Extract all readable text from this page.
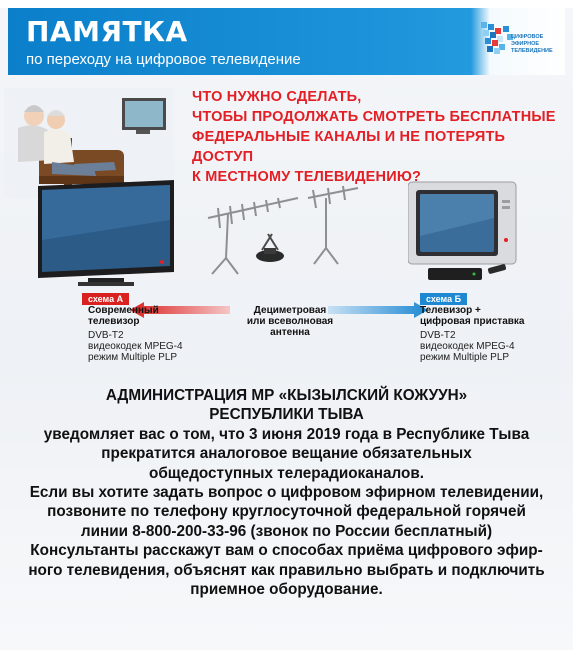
ПАМЯТКА
по переходу на цифровое телевидение
ЦИФРОВОЕ
ЭФИРНОЕ
ТЕЛЕВИДЕНИЕ
ЧТО НУЖНО СДЕЛАТЬ,
ЧТОБЫ ПРОДОЛЖАТЬ СМОТРЕТЬ БЕСПЛАТНЫЕ
ФЕДЕРАЛЬНЫЕ КАНАЛЫ И НЕ ПОТЕРЯТЬ ДОСТУП
К МЕСТНОМУ ТЕЛЕВИДЕНИЮ?
схема А
Современный
телевизор
DVB-T2
видеокодек MPEG-4
режим Multiple PLP
Дециметровая
или всеволновая
антенна
схема Б
Телевизор +
цифровая приставка
DVB-T2
видеокодек MPEG-4
режим Multiple PLP
АДМИНИСТРАЦИЯ МР «КЫЗЫЛСКИЙ КОЖУУН»
РЕСПУБЛИКИ ТЫВА
уведомляет вас о том, что 3 июня 2019 года в Республике Тыва
прекратится аналоговое вещание обязательных
общедоступных телерадиоканалов.
Если вы хотите задать вопрос о цифровом эфирном телевидении,
позвоните по телефону круглосуточной федеральной горячей
линии 8-800-200-33-96 (звонок по России бесплатный)
Консультанты расскажут вам о способах приёма цифрового эфир-
ного телевидения, объяснят как правильно выбрать и подключить
приемное оборудование.
